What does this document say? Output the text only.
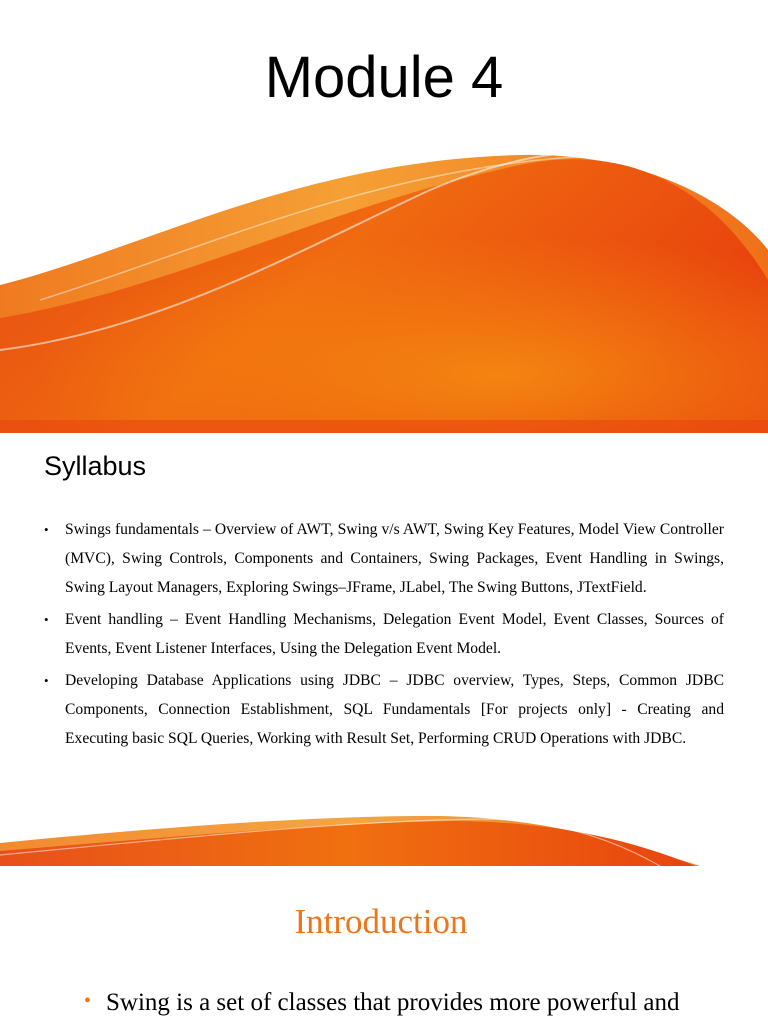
Module 4
Syllabus
• Swings fundamentals – Overview of AWT, Swing v/s AWT, Swing Key Features, Model View Controller (MVC), Swing Controls, Components and Containers, Swing Packages, Event Handling in Swings, Swing Layout Managers, Exploring Swings–JFrame, JLabel, The Swing Buttons, JTextField.
• Event handling – Event Handling Mechanisms, Delegation Event Model, Event Classes, Sources of Events, Event Listener Interfaces, Using the Delegation Event Model.
• Developing Database Applications using JDBC – JDBC overview, Types, Steps, Common JDBC Components, Connection Establishment, SQL Fundamentals [For projects only] - Creating and Executing basic SQL Queries, Working with Result Set, Performing CRUD Operations with JDBC.
Introduction
• Swing is a set of classes that provides more powerful and
